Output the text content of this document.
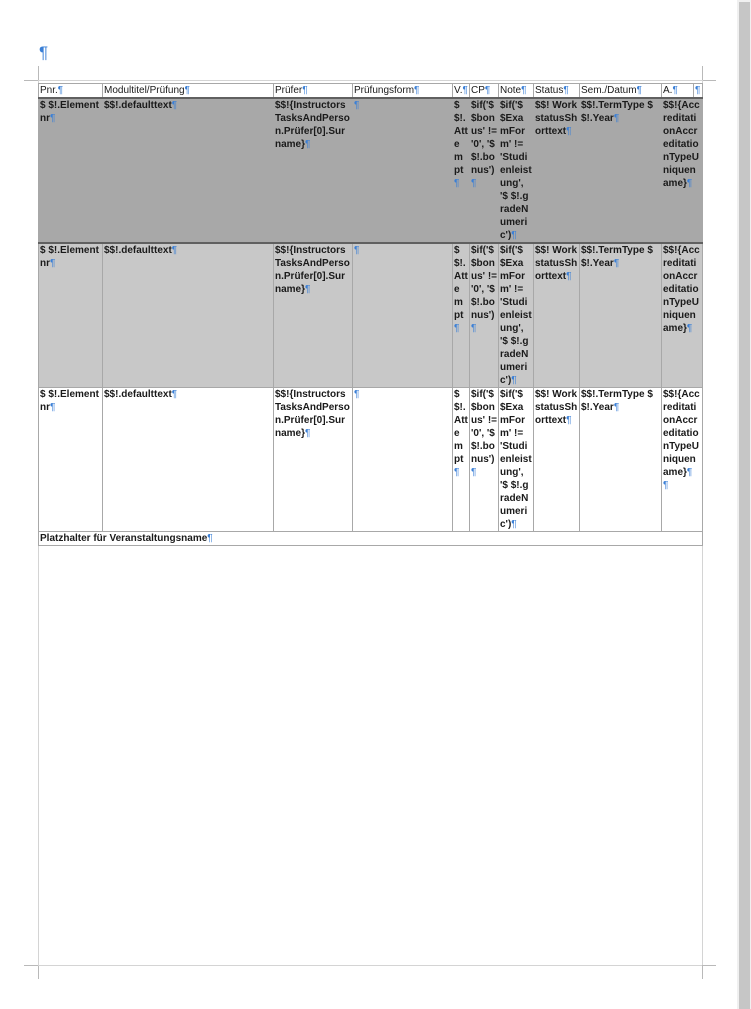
¶
Pnr.¶	Modultitel/Prüfung¶	Prüfer¶	Prüfungsform¶	V.¶	CP¶	Note¶	Status¶	Sem./Datum¶	A.¶	¶
$ $!.Elementnr¶	$$!.defaulttext¶	$$!{InstructorsTasksAndPerson.Prüfer[0].Surname}¶	¶	$ $!.Attempt¶	$if('$ $bonus' != '0', '$ $!.bonus')¶	$if('$ $ExamForm' != 'Studienleistung', '$ $!.gradeNumeric')¶	$$! WorkstatusShorttext¶	$$!.TermType $ $!.Year¶	$$!{AccreditationAccreditationTypeUniquename}¶	
$ $!.Elementnr¶	$$!.defaulttext¶	$$!{InstructorsTasksAndPerson.Prüfer[0].Surname}¶	¶	$ $!.Attempt¶	$if('$ $bonus' != '0', '$ $!.bonus')¶	$if('$ $ExamForm' != 'Studienleistung', '$ $!.gradeNumeric')¶	$$! WorkstatusShorttext¶	$$!.TermType $ $!.Year¶	$$!{AccreditationAccreditationTypeUniquename}¶	
$ $!.Elementnr¶	$$!.defaulttext¶	$$!{InstructorsTasksAndPerson.Prüfer[0].Surname}¶	¶	$ $!.Attempt¶	$if('$ $bonus' != '0', '$ $!.bonus')¶	$if('$ $ExamForm' != 'Studienleistung', '$ $!.gradeNumeric')¶	$$! WorkstatusShorttext¶	$$!.TermType $ $!.Year¶	$$!{AccreditationAccreditationTypeUniquename}¶
¶	
Platzhalter für Veranstaltungsname¶										
